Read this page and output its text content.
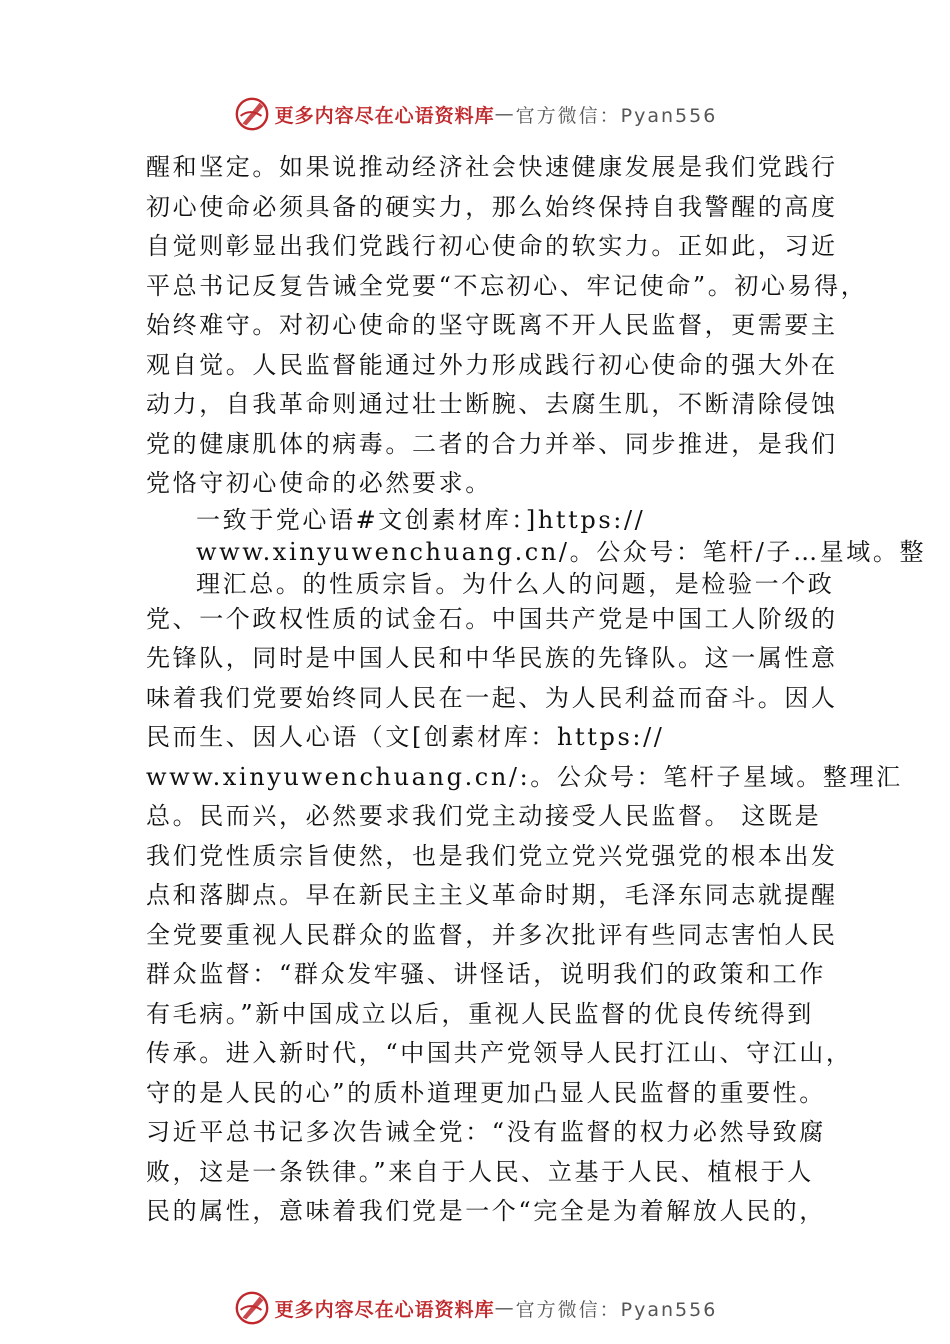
更多内容尽在心语资料库 — 官方微信：Pyan556
醒和坚定。如果说推动经济社会快速健康发展是我们党践行
初心使命必须具备的硬实力，那么始终保持自我警醒的高度
自觉则彰显出我们党践行初心使命的软实力。正如此，习近
平总书记反复告诫全党要“不忘初心、牢记使命”。初心易得，
始终难守。对初心使命的坚守既离不开人民监督，更需要主
观自觉。人民监督能通过外力形成践行初心使命的强大外在
动力，自我革命则通过壮士断腕、去腐生肌，不断清除侵蚀
党的健康肌体的病毒。二者的合力并举、同步推进，是我们
党恪守初心使命的必然要求。
一致于党心语#文创素材库：]https://
www.xinyuwenchuang.cn/。公众号：笔杆/子…星域。整
理汇总。的性质宗旨。为什么人的问题，是检验一个政
党、一个政权性质的试金石。中国共产党是中国工人阶级的
先锋队，同时是中国人民和中华民族的先锋队。这一属性意
味着我们党要始终同人民在一起、为人民利益而奋斗。因人
民而生、因人心语（文[创素材库：https://
www.xinyuwenchuang.cn/:。公众号：笔杆子星域。整理汇
总。民而兴，必然要求我们党主动接受人民监督。 这既是
我们党性质宗旨使然，也是我们党立党兴党强党的根本出发
点和落脚点。早在新民主主义革命时期，毛泽东同志就提醒
全党要重视人民群众的监督，并多次批评有些同志害怕人民
群众监督：“群众发牢骚、讲怪话，说明我们的政策和工作
有毛病。”新中国成立以后，重视人民监督的优良传统得到
传承。进入新时代，“中国共产党领导人民打江山、守江山，
守的是人民的心”的质朴道理更加凸显人民监督的重要性。
习近平总书记多次告诫全党：“没有监督的权力必然导致腐
败，这是一条铁律。”来自于人民、立基于人民、植根于人
民的属性，意味着我们党是一个“完全是为着解放人民的，
更多内容尽在心语资料库 — 官方微信：Pyan556
